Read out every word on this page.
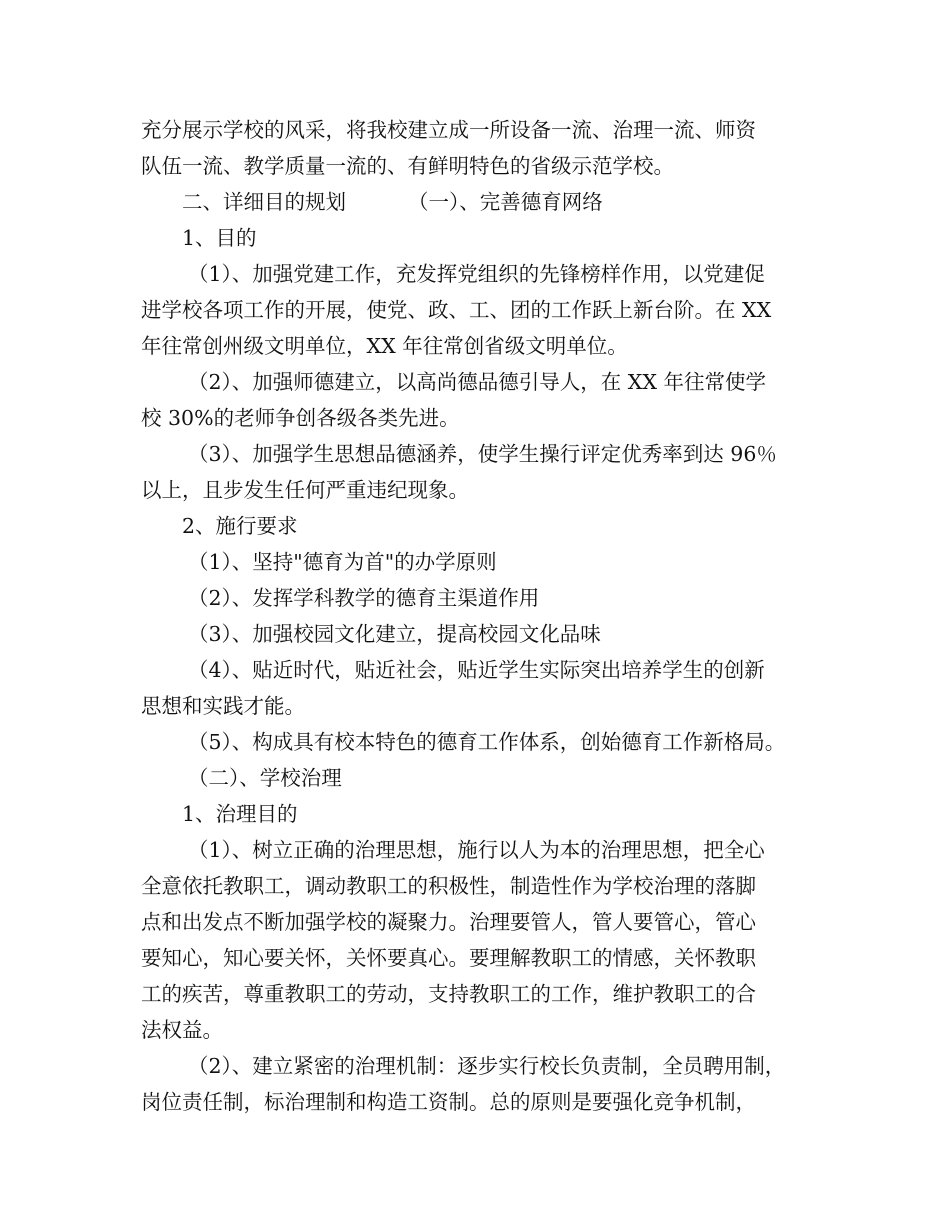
充分展示学校的风采，将我校建立成一所设备一流、治理一流、师资
队伍一流、教学质量一流的、有鲜明特色的省级示范学校。
二、详细目的规划	（一）、完善德育网络
1、目的
（1）、加强党建工作，充发挥党组织的先锋榜样作用，以党建促
进学校各项工作的开展，使党、政、工、团的工作跃上新台阶。在 XX
年往常创州级文明单位，XX 年往常创省级文明单位。
（2）、加强师德建立，以高尚德品德引导人，在 XX 年往常使学
校 30%的老师争创各级各类先进。
（3）、加强学生思想品德涵养，使学生操行评定优秀率到达 96％
以上，且步发生任何严重违纪现象。
2、施行要求
（1）、坚持"德育为首"的办学原则
（2）、发挥学科教学的德育主渠道作用
（3）、加强校园文化建立，提高校园文化品味
（4）、贴近时代，贴近社会，贴近学生实际突出培养学生的创新
思想和实践才能。
（5）、构成具有校本特色的德育工作体系，创始德育工作新格局。
（二）、学校治理
1、治理目的
（1）、树立正确的治理思想，施行以人为本的治理思想，把全心
全意依托教职工，调动教职工的积极性，制造性作为学校治理的落脚
点和出发点不断加强学校的凝聚力。治理要管人，管人要管心，管心
要知心，知心要关怀，关怀要真心。要理解教职工的情感，关怀教职
工的疾苦，尊重教职工的劳动，支持教职工的工作，维护教职工的合
法权益。
（2）、建立紧密的治理机制：逐步实行校长负责制，全员聘用制，
岗位责任制，标治理制和构造工资制。总的原则是要强化竞争机制，
